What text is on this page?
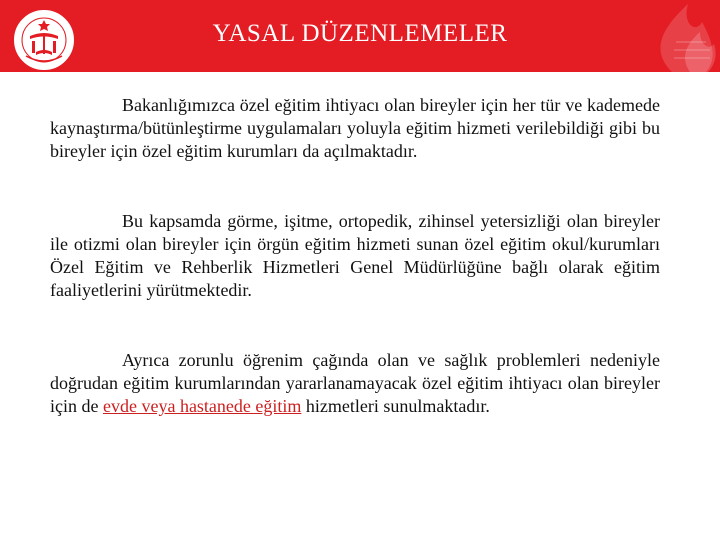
YASAL DÜZENLEMELER

Bakanlığımızca özel eğitim ihtiyacı olan bireyler için her tür ve kademede kaynaştırma/bütünleştirme uygulamaları yoluyla eğitim hizmeti verilebildiği gibi bu bireyler için özel eğitim kurumları da açılmaktadır.

Bu kapsamda görme, işitme, ortopedik, zihinsel yetersizliği olan bireyler ile otizmi olan bireyler için örgün eğitim hizmeti sunan özel eğitim okul/kurumları Özel Eğitim ve Rehberlik Hizmetleri Genel Müdürlüğüne bağlı olarak eğitim faaliyetlerini yürütmektedir.

Ayrıca zorunlu öğrenim çağında olan ve sağlık problemleri nedeniyle doğrudan eğitim kurumlarından yararlanamayacak özel eğitim ihtiyacı olan bireyler için de evde veya hastanede eğitim hizmetleri sunulmaktadır.
